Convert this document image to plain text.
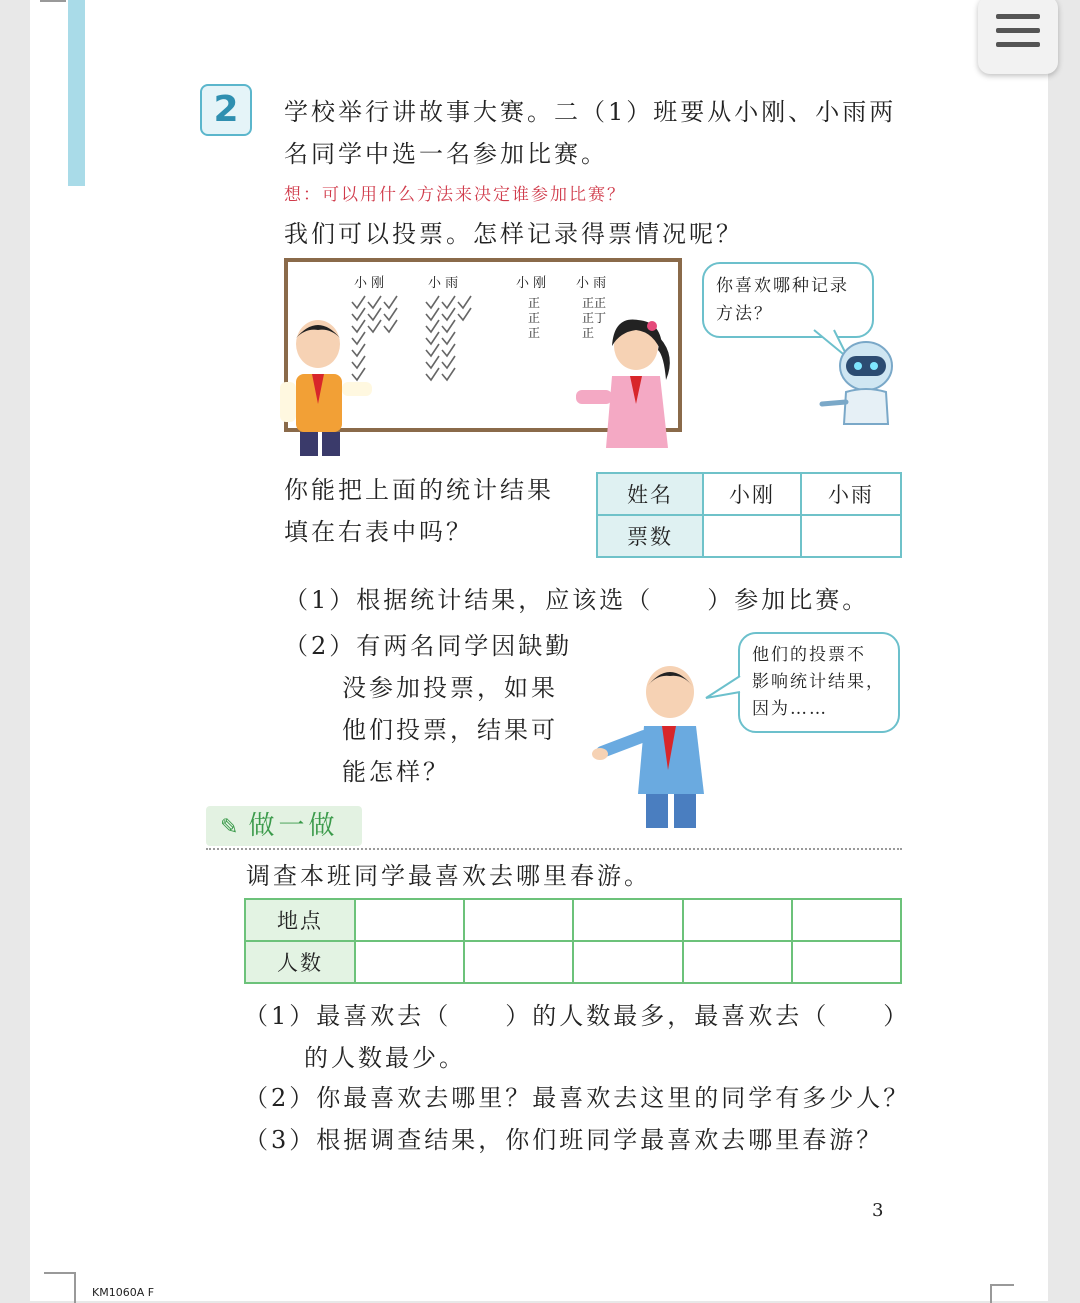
KM1060A F
2	学校举行讲故事大赛。二（1）班要从小刚、小雨两
名同学中选一名参加比赛。
想：可以用什么方法来决定谁参加比赛？
我们可以投票。怎样记录得票情况呢？
小 刚	小 雨	小 刚 小 雨
正
正
正
正正
正丁
正
你喜欢哪种记录
方法？
你能把上面的统计结果
填在右表中吗？
姓名	小刚	小雨
票数		
（1）根据统计结果，应该选（　　）参加比赛。
（2）有两名同学因缺勤
没参加投票，如果
他们投票，结果可
能怎样？
他们的投票不
影响统计结果，
因为……
✎ 做一做
调查本班同学最喜欢去哪里春游。
地点					
人数					
（1）最喜欢去（　　）的人数最多，最喜欢去（　　）
的人数最少。
（2）你最喜欢去哪里？最喜欢去这里的同学有多少人？
（3）根据调查结果，你们班同学最喜欢去哪里春游？
3
